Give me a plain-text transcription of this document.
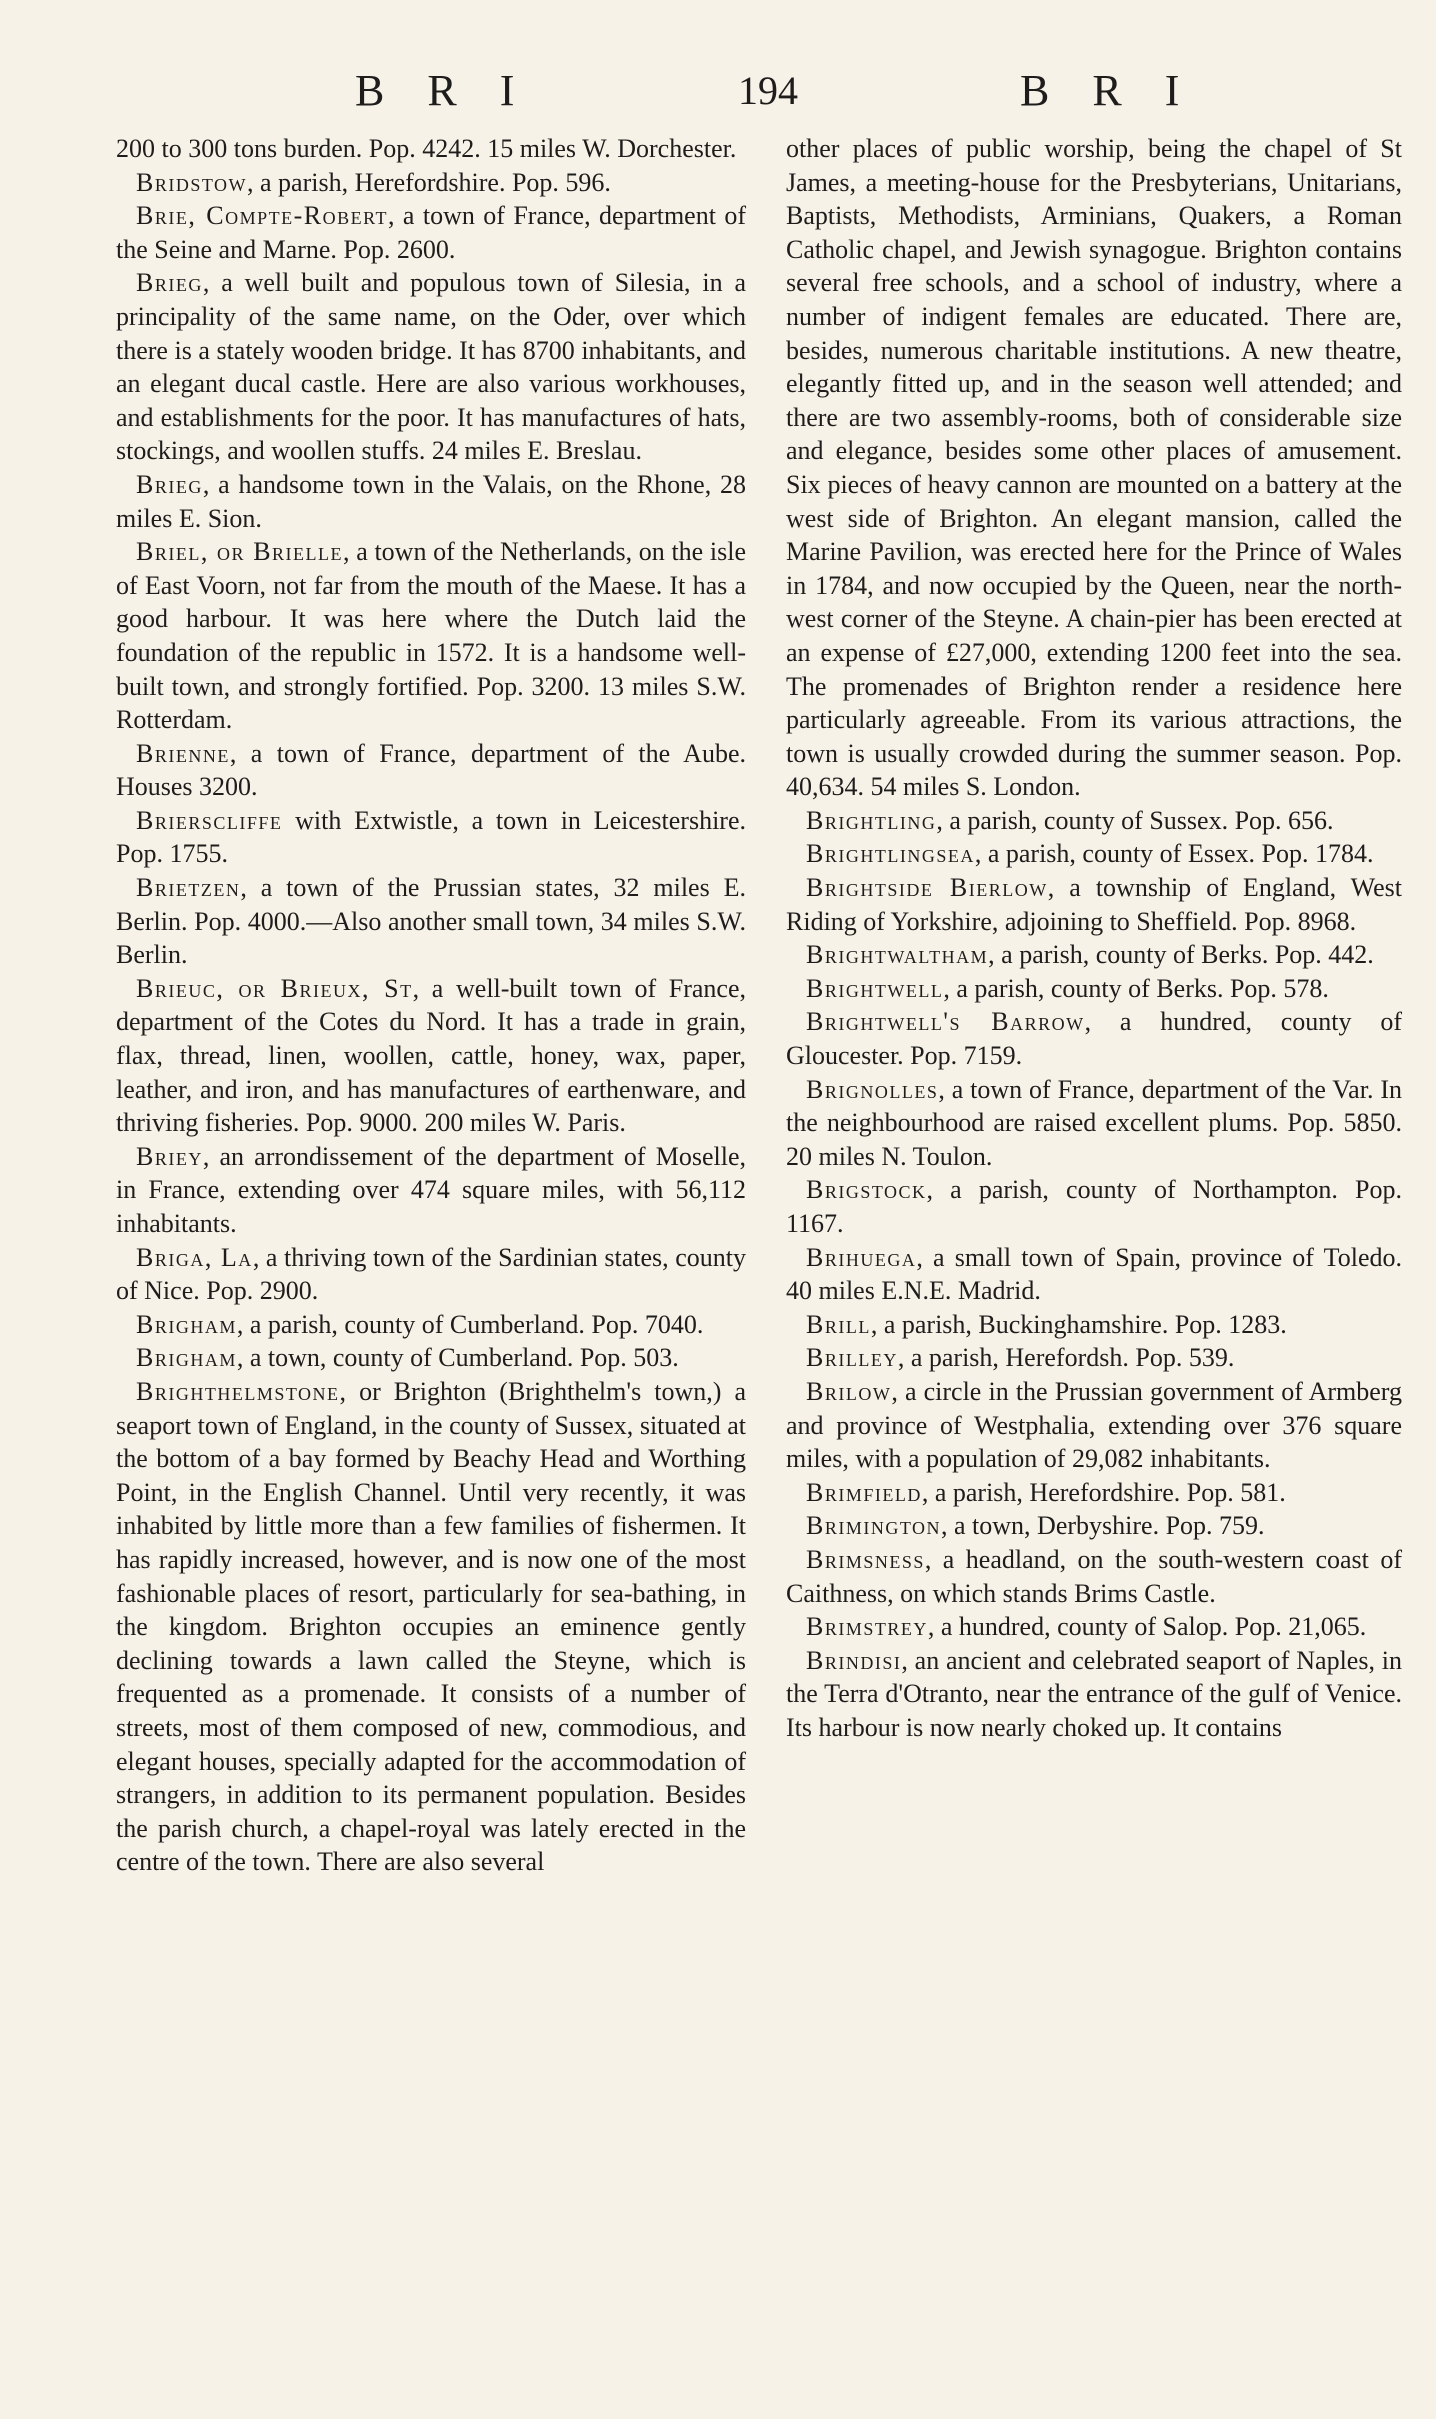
B R I	194	B R I

200 to 300 tons burden. Pop. 4242. 15 miles W. Dorchester.

Bridstow, a parish, Herefordshire. Pop. 596.

Brie, Compte-Robert, a town of France, department of the Seine and Marne. Pop. 2600.

Brieg, a well built and populous town of Silesia, in a principality of the same name, on the Oder, over which there is a stately wooden bridge. It has 8700 inhabitants, and an elegant ducal castle. Here are also various workhouses, and establishments for the poor. It has manufactures of hats, stockings, and woollen stuffs. 24 miles E. Breslau.

Brieg, a handsome town in the Valais, on the Rhone, 28 miles E. Sion.

Briel, or Brielle, a town of the Netherlands, on the isle of East Voorn, not far from the mouth of the Maese. It has a good harbour. It was here where the Dutch laid the foundation of the republic in 1572. It is a handsome well-built town, and strongly fortified. Pop. 3200. 13 miles S.W. Rotterdam.

Brienne, a town of France, department of the Aube. Houses 3200.

Brierscliffe with Extwistle, a town in Leicestershire. Pop. 1755.

Brietzen, a town of the Prussian states, 32 miles E. Berlin. Pop. 4000.—Also another small town, 34 miles S.W. Berlin.

Brieuc, or Brieux, St, a well-built town of France, department of the Cotes du Nord. It has a trade in grain, flax, thread, linen, woollen, cattle, honey, wax, paper, leather, and iron, and has manufactures of earthenware, and thriving fisheries. Pop. 9000. 200 miles W. Paris.

Briey, an arrondissement of the department of Moselle, in France, extending over 474 square miles, with 56,112 inhabitants.

Briga, La, a thriving town of the Sardinian states, county of Nice. Pop. 2900.

Brigham, a parish, county of Cumberland. Pop. 7040.

Brigham, a town, county of Cumberland. Pop. 503.

Brighthelmstone, or Brighton (Brighthelm's town,) a seaport town of England, in the county of Sussex, situated at the bottom of a bay formed by Beachy Head and Worthing Point, in the English Channel. Until very recently, it was inhabited by little more than a few families of fishermen. It has rapidly increased, however, and is now one of the most fashionable places of resort, particularly for sea-bathing, in the kingdom. Brighton occupies an eminence gently declining towards a lawn called the Steyne, which is frequented as a promenade. It consists of a number of streets, most of them composed of new, commodious, and elegant houses, specially adapted for the accommodation of strangers, in addition to its permanent population. Besides the parish church, a chapel-royal was lately erected in the centre of the town. There are also several

other places of public worship, being the chapel of St James, a meeting-house for the Presbyterians, Unitarians, Baptists, Methodists, Arminians, Quakers, a Roman Catholic chapel, and Jewish synagogue. Brighton contains several free schools, and a school of industry, where a number of indigent females are educated. There are, besides, numerous charitable institutions. A new theatre, elegantly fitted up, and in the season well attended; and there are two assembly-rooms, both of considerable size and elegance, besides some other places of amusement. Six pieces of heavy cannon are mounted on a battery at the west side of Brighton. An elegant mansion, called the Marine Pavilion, was erected here for the Prince of Wales in 1784, and now occupied by the Queen, near the north-west corner of the Steyne. A chain-pier has been erected at an expense of £27,000, extending 1200 feet into the sea. The promenades of Brighton render a residence here particularly agreeable. From its various attractions, the town is usually crowded during the summer season. Pop. 40,634. 54 miles S. London.

Brightling, a parish, county of Sussex. Pop. 656.

Brightlingsea, a parish, county of Essex. Pop. 1784.

Brightside Bierlow, a township of England, West Riding of Yorkshire, adjoining to Sheffield. Pop. 8968.

Brightwaltham, a parish, county of Berks. Pop. 442.

Brightwell, a parish, county of Berks. Pop. 578.

Brightwell's Barrow, a hundred, county of Gloucester. Pop. 7159.

Brignolles, a town of France, department of the Var. In the neighbourhood are raised excellent plums. Pop. 5850. 20 miles N. Toulon.

Brigstock, a parish, county of Northampton. Pop. 1167.

Brihuega, a small town of Spain, province of Toledo. 40 miles E.N.E. Madrid.

Brill, a parish, Buckinghamshire. Pop. 1283.

Brilley, a parish, Herefordsh. Pop. 539.

Brilow, a circle in the Prussian government of Armberg and province of Westphalia, extending over 376 square miles, with a population of 29,082 inhabitants.

Brimfield, a parish, Herefordshire. Pop. 581.

Brimington, a town, Derbyshire. Pop. 759.

Brimsness, a headland, on the south-western coast of Caithness, on which stands Brims Castle.

Brimstrey, a hundred, county of Salop. Pop. 21,065.

Brindisi, an ancient and celebrated seaport of Naples, in the Terra d'Otranto, near the entrance of the gulf of Venice. Its harbour is now nearly choked up. It contains
